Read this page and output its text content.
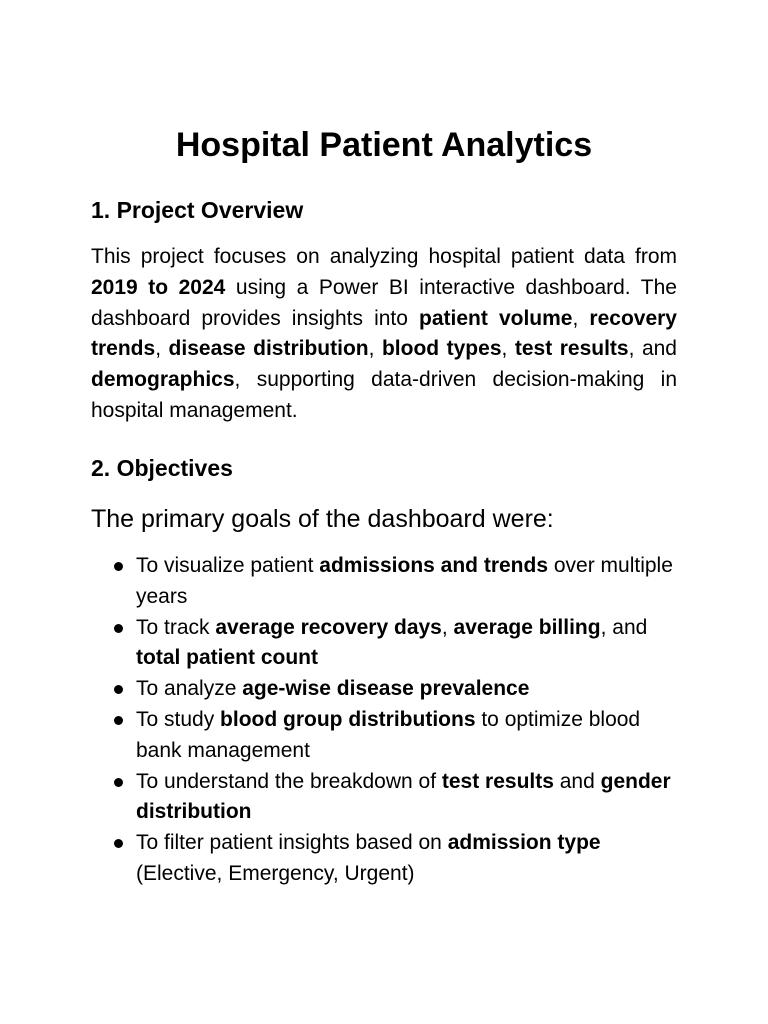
Hospital Patient Analytics
1. Project Overview

This project focuses on analyzing hospital patient data from 2019 to 2024 using a Power BI interactive dashboard. The dashboard provides insights into patient volume, recovery trends, disease distribution, blood types, test results, and demographics, supporting data-driven decision-making in hospital management.

2. Objectives

The primary goals of the dashboard were:

To visualize patient admissions and trends over multiple years
To track average recovery days, average billing, and total patient count
To analyze age-wise disease prevalence
To study blood group distributions to optimize blood bank management
To understand the breakdown of test results and gender distribution
To filter patient insights based on admission type (Elective, Emergency, Urgent)
